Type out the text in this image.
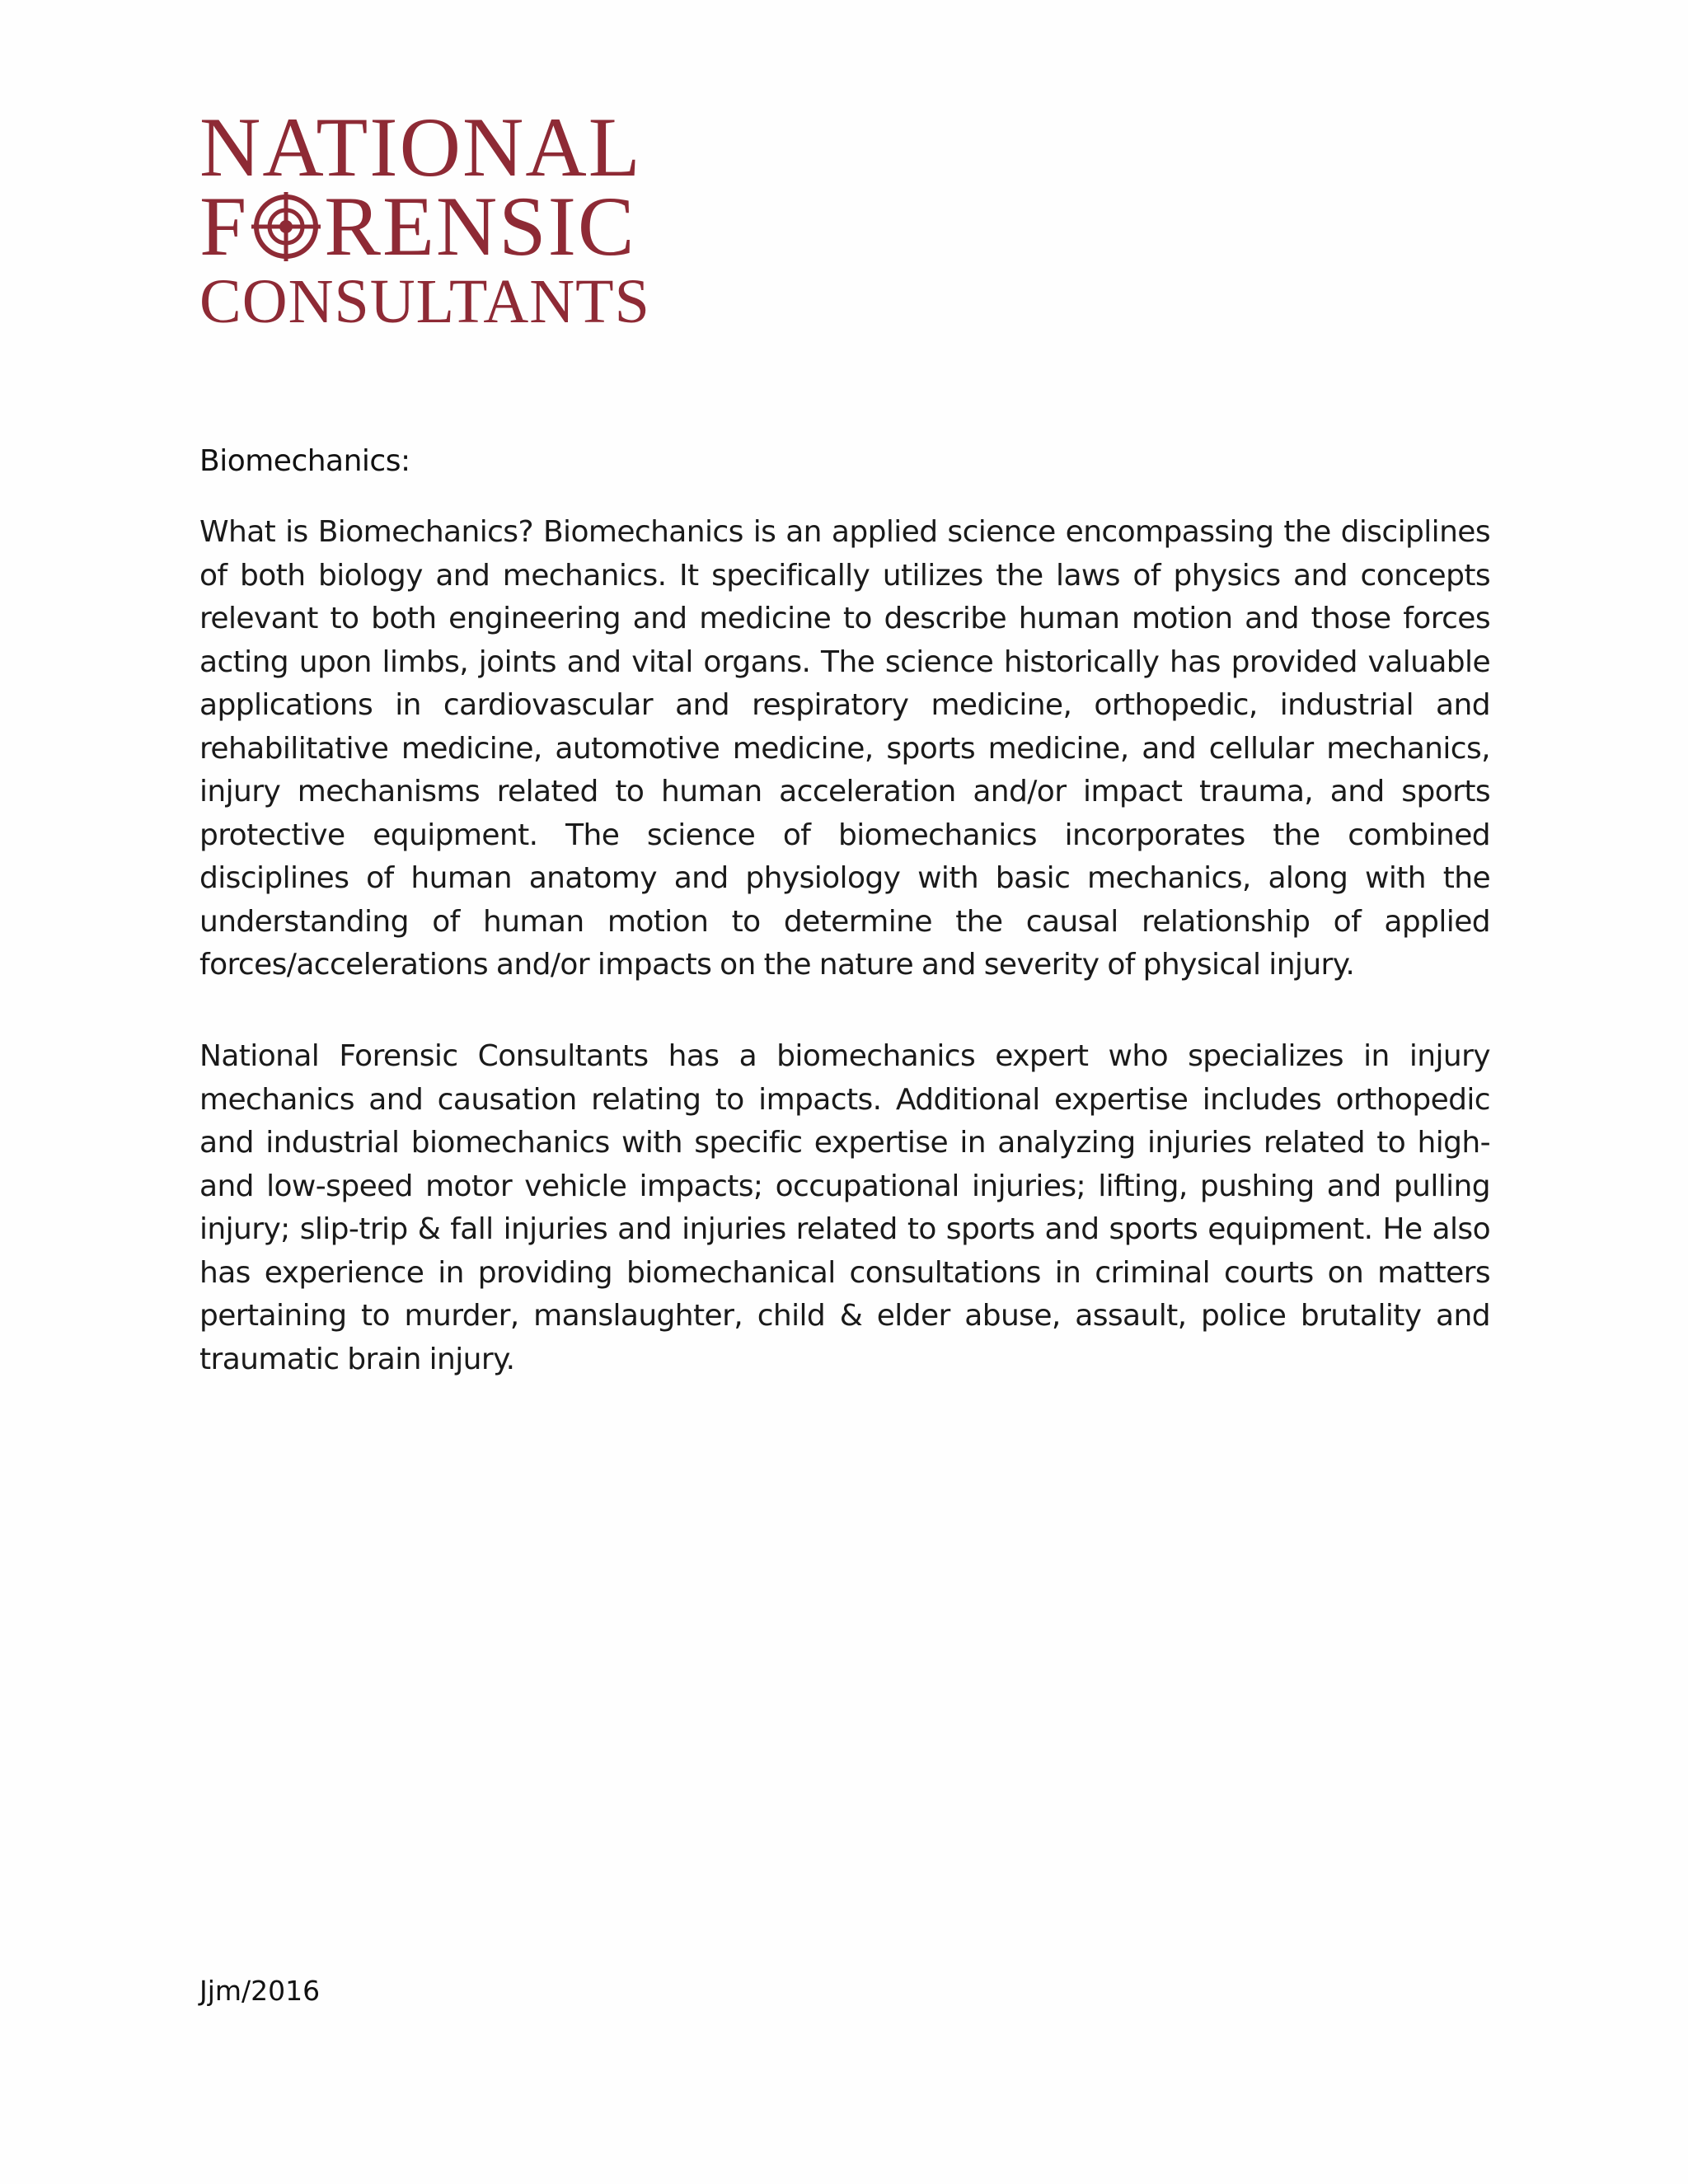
NATIONAL
F RENSIC
CONSULTANTS
Biomechanics:

What is Biomechanics? Biomechanics is an applied science encompassing the disciplines of both biology and mechanics. It specifically utilizes the laws of physics and concepts relevant to both engineering and medicine to describe human motion and those forces acting upon limbs, joints and vital organs. The science historically has provided valuable applications in cardiovascular and respiratory medicine, orthopedic, industrial and rehabilitative medicine, automotive medicine, sports medicine, and cellular mechanics, injury mechanisms related to human acceleration and/or impact trauma, and sports protective equipment. The science of biomechanics incorporates the combined disciplines of human anatomy and physiology with basic mechanics, along with the understanding of human motion to determine the causal relationship of applied forces/accelerations and/or impacts on the nature and severity of physical injury.

National Forensic Consultants has a biomechanics expert who specializes in injury mechanics and causation relating to impacts. Additional expertise includes orthopedic and industrial biomechanics with specific expertise in analyzing injuries related to high- and low-speed motor vehicle impacts; occupational injuries; lifting, pushing and pulling injury; slip-trip & fall injuries and injuries related to sports and sports equipment. He also has experience in providing biomechanical consultations in criminal courts on matters pertaining to murder, manslaughter, child & elder abuse, assault, police brutality and traumatic brain injury.

Jjm/2016
